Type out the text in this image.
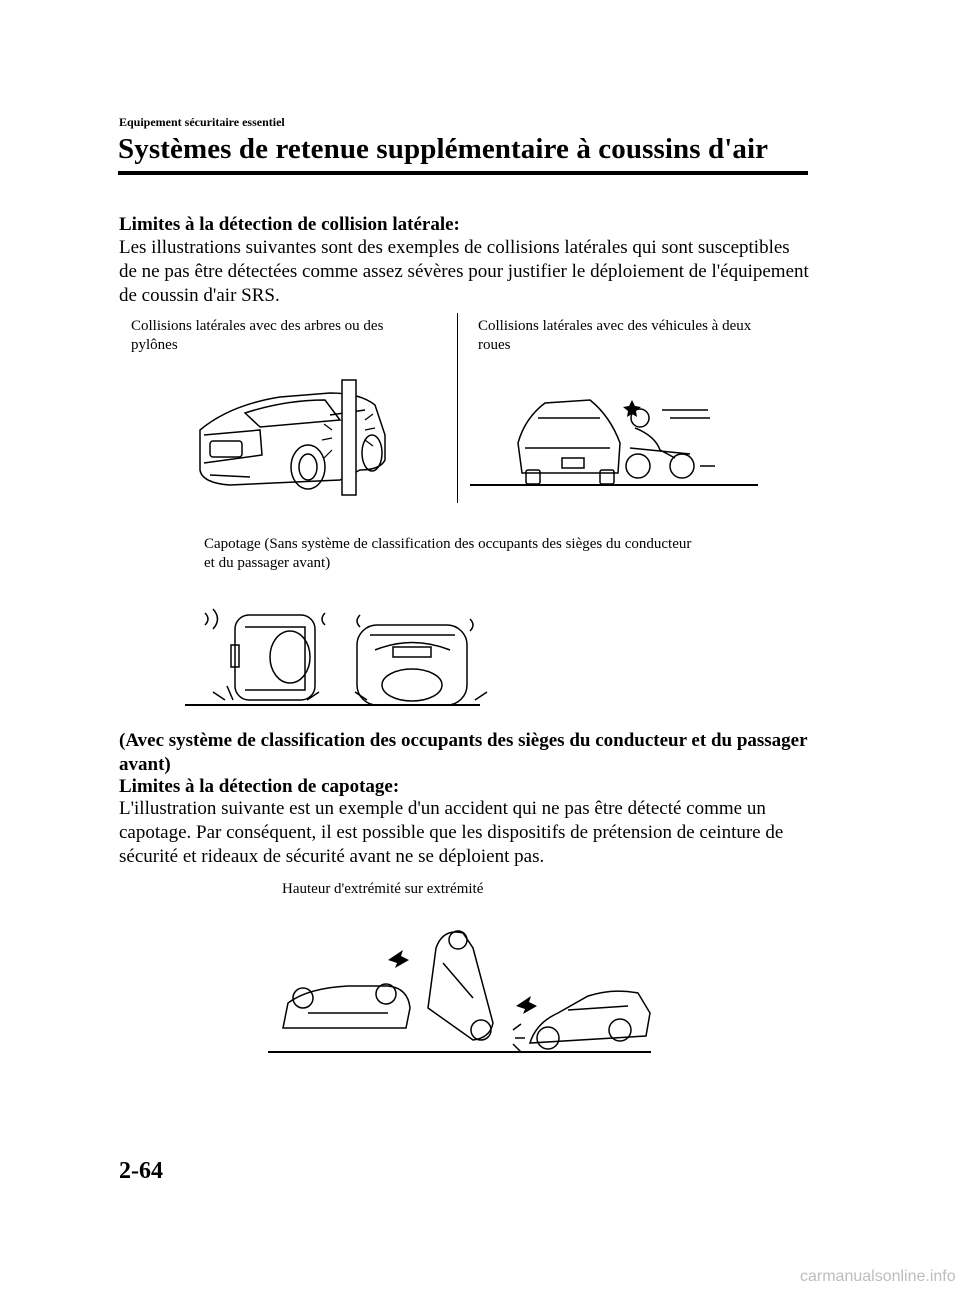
Equipement sécuritaire essentiel
Systèmes de retenue supplémentaire à coussins d'air
Limites à la détection de collision latérale:
Les illustrations suivantes sont des exemples de collisions latérales qui sont susceptibles de ne pas être détectées comme assez sévères pour justifier le déploiement de l'équipement de coussin d'air SRS.
Collisions latérales avec des arbres ou des
pylônes
Collisions latérales avec des véhicules à deux
roues
Capotage (Sans système de classification des occupants des sièges du conducteur
et du passager avant)
(Avec système de classification des occupants des sièges du conducteur et du passager
avant)
Limites à la détection de capotage:
L'illustration suivante est un exemple d'un accident qui ne pas être détecté comme un capotage. Par conséquent, il est possible que les dispositifs de prétension de ceinture de sécurité et rideaux de sécurité avant ne se déploient pas.
Hauteur d'extrémité sur extrémité
2-64
carmanualsonline.info
